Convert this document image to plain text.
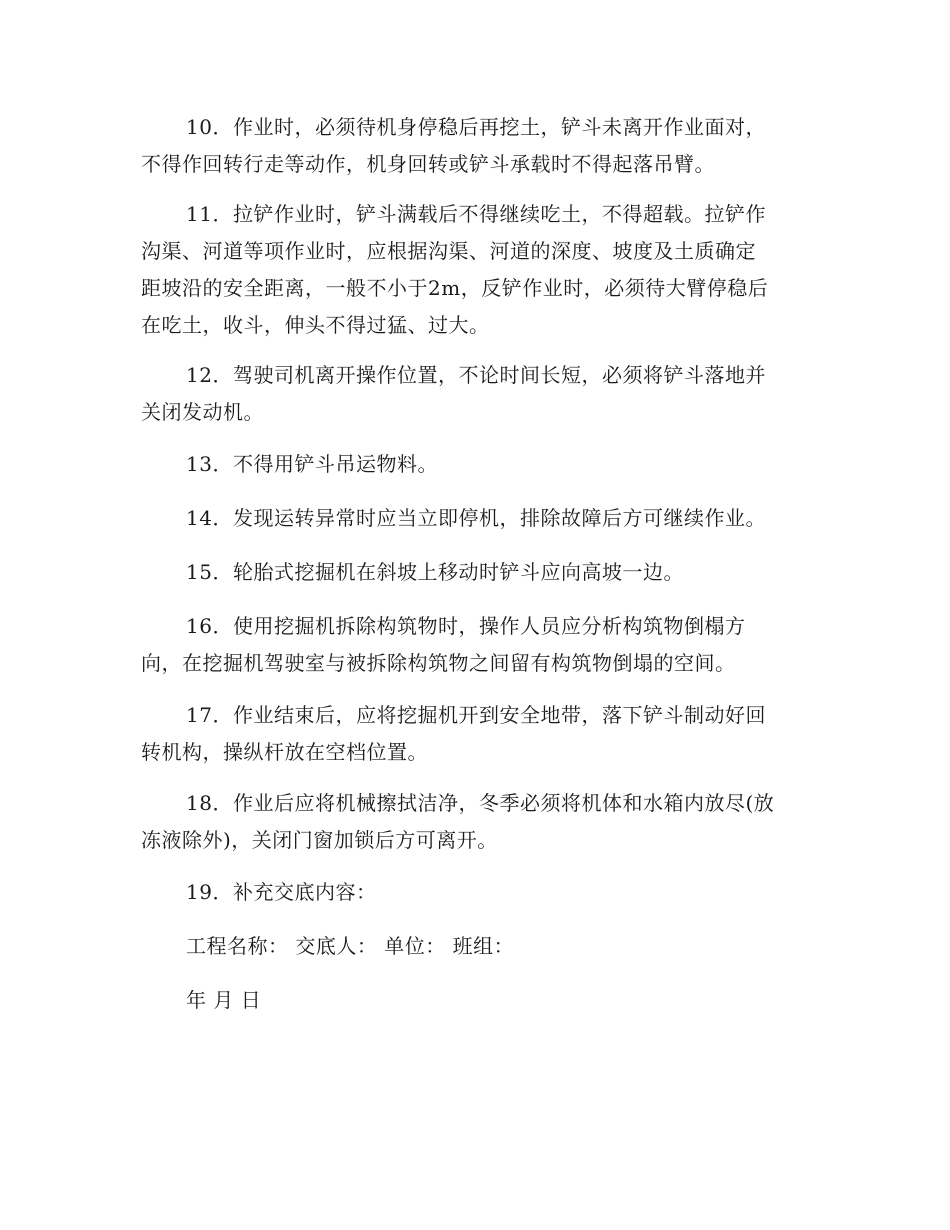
10．作业时，必须待机身停稳后再挖土，铲斗未离开作业面对，
不得作回转行走等动作，机身回转或铲斗承载时不得起落吊臂。

11．拉铲作业时，铲斗满载后不得继续吃土，不得超载。拉铲作
沟渠、河道等项作业时，应根据沟渠、河道的深度、坡度及土质确定
距坡沿的安全距离，一般不小于2m，反铲作业时，必须待大臂停稳后
在吃土，收斗，伸头不得过猛、过大。

12．驾驶司机离开操作位置，不论时间长短，必须将铲斗落地并
关闭发动机。

13．不得用铲斗吊运物料。

14．发现运转异常时应当立即停机，排除故障后方可继续作业。

15．轮胎式挖掘机在斜坡上移动时铲斗应向高坡一边。

16．使用挖掘机拆除构筑物时，操作人员应分析构筑物倒榻方
向，在挖掘机驾驶室与被拆除构筑物之间留有构筑物倒塌的空间。

17．作业结束后，应将挖掘机开到安全地带，落下铲斗制动好回
转机构，操纵杆放在空档位置。

18．作业后应将机械擦拭洁净，冬季必须将机体和水箱内放尽(放
冻液除外)，关闭门窗加锁后方可离开。

19．补充交底内容：

工程名称： 交底人： 单位： 班组：

年 月 日
